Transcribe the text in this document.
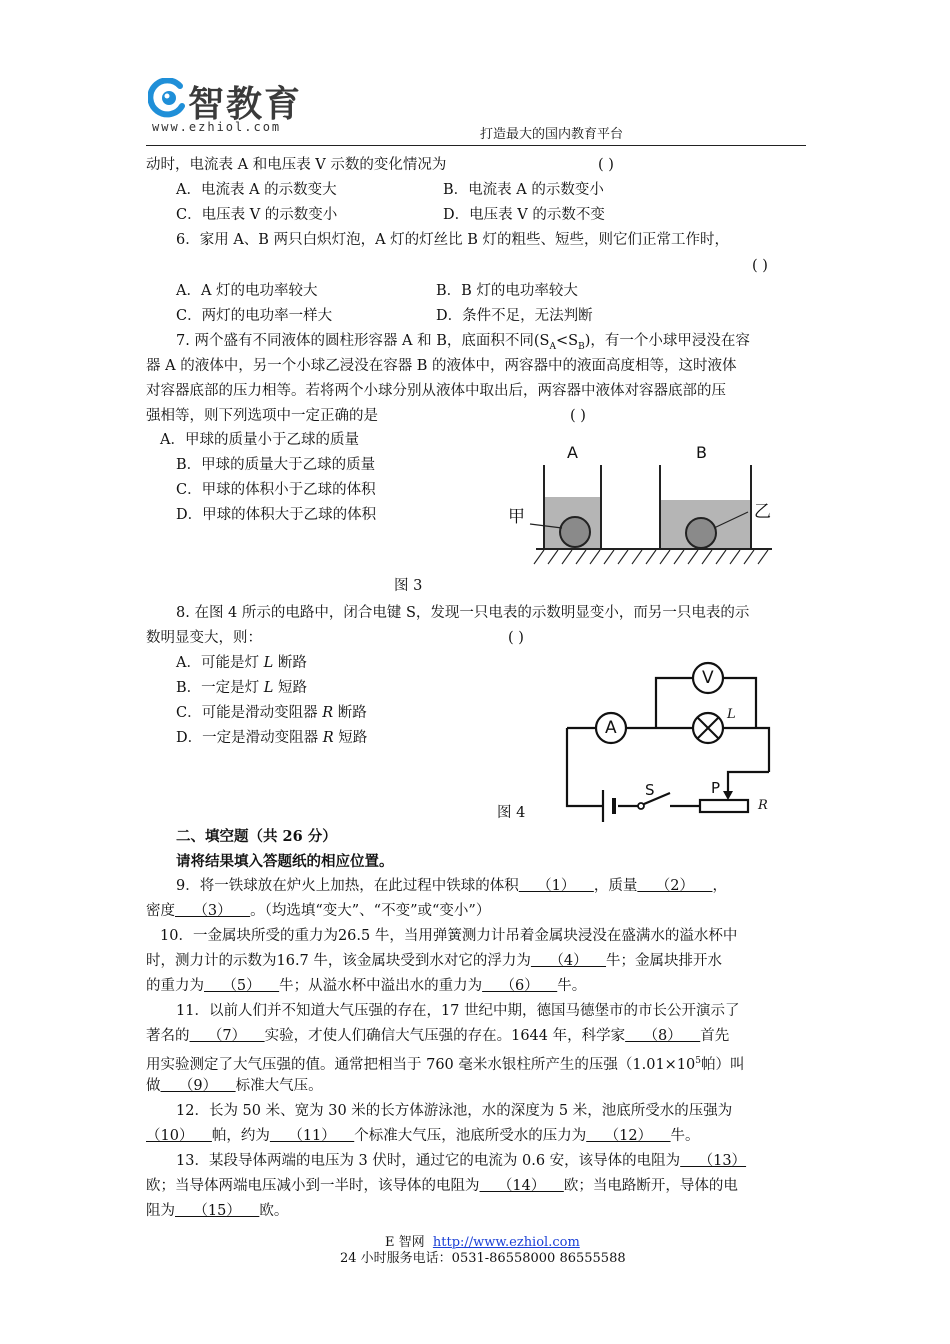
智教育
www.ezhiol.com	打造最大的国内教育平台
动时，电流表 A 和电压表 V 示数的变化情况为	( )
A．电流表 A 的示数变大	B．电流表 A 的示数变小
C．电压表 V 的示数变小	D．电压表 V 的示数不变
6．家用 A、B 两只白炽灯泡，A 灯的灯丝比 B 灯的粗些、短些，则它们正常工作时，
( )
A．A 灯的电功率较大	B．B 灯的电功率较大
C．两灯的电功率一样大	D．条件不足，无法判断
7. 两个盛有不同液体的圆柱形容器 A 和 B，底面积不同$(S_A<S_B)$，有一个小球甲浸没在容
器 A 的液体中，另一个小球乙浸没在容器 B 的液体中，两容器中的液面高度相等，这时液体
对容器底部的压力相等。若将两个小球分别从液体中取出后，两容器中液体对容器底部的压
强相等，则下列选项中一定正确的是	( )
A．甲球的质量小于乙球的质量
B．甲球的质量大于乙球的质量
C．甲球的体积小于乙球的体积
D．甲球的体积大于乙球的体积
A	B
甲	乙
图 3
8. 在图 4 所示的电路中，闭合电键 S，发现一只电表的示数明显变小，而另一只电表的示
数明显变大，则：	( )
A．可能是灯 L 断路
B．一定是灯 L 短路
C．可能是滑动变阻器 R 断路
D．一定是滑动变阻器 R 短路
V
A
L
S	P
R
图 4
二、填空题（共 26 分）
请将结果填入答题纸的相应位置。
9．将一铁球放在炉火上加热，在此过程中铁球的体积    （1）    ，质量    （2）    ，
密度    （3）    。（均选填“变大”、“不变”或“变小”）
10．一金属块所受的重力为26.5 牛，当用弹簧测力计吊着金属块浸没在盛满水的溢水杯中
时，测力计的示数为16.7 牛，该金属块受到水对它的浮力为    （4）    牛；金属块排开水
的重力为    （5）    牛；从溢水杯中溢出水的重力为    （6）    牛。
11．以前人们并不知道大气压强的存在，17 世纪中期，德国马德堡市的市长公开演示了
著名的    （7）    实验，才使人们确信大气压强的存在。1644 年，科学家    （8）    首先
用实验测定了大气压强的值。通常把相当于 760 毫米水银柱所产生的压强（$1.01\times 10^5$帕）叫
做    （9）    标准大气压。
12．长为 50 米、宽为 30 米的长方体游泳池，水的深度为 5 米，池底所受水的压强为
（10）    帕，约为    （11）    个标准大气压，池底所受水的压力为    （12）    牛。
13．某段导体两端的电压为 3 伏时，通过它的电流为 0.6 安，该导体的电阻为    （13）
欧；当导体两端电压减小到一半时，该导体的电阻为    （14）    欧；当电路断开，导体的电
阻为    （15）    欧。
E 智网 http://www.ezhiol.com
24 小时服务电话：0531-86558000 86555588
